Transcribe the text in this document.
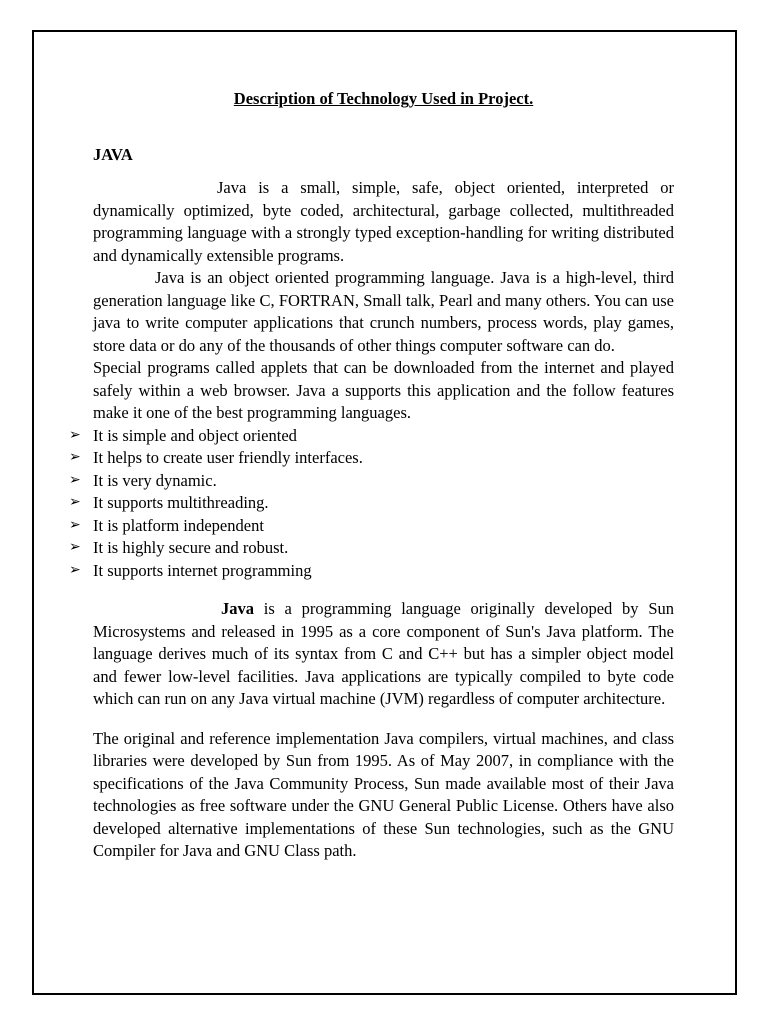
Description of Technology Used in Project.
JAVA

Java is a small, simple, safe, object oriented, interpreted or dynamically optimized, byte coded, architectural, garbage collected, multithreaded programming language with a strongly typed exception-handling for writing distributed and dynamically extensible programs.

Java is an object oriented programming language. Java is a high-level, third generation language like C, FORTRAN, Small talk, Pearl and many others. You can use java to write computer applications that crunch numbers, process words, play games, store data or do any of the thousands of other things computer software can do.

Special programs called applets that can be downloaded from the internet and played safely within a web browser. Java a supports this application and the follow features make it one of the best programming languages.

➢ It is simple and object oriented
➢ It helps to create user friendly interfaces.
➢ It is very dynamic.
➢ It supports multithreading.
➢ It is platform independent
➢ It is highly secure and robust.
➢ It supports internet programming

Java is a programming language originally developed by Sun Microsystems and released in 1995 as a core component of Sun's Java platform. The language derives much of its syntax from C and C++ but has a simpler object model and fewer low-level facilities. Java applications are typically compiled to byte code which can run on any Java virtual machine (JVM) regardless of computer architecture.

The original and reference implementation Java compilers, virtual machines, and class libraries were developed by Sun from 1995. As of May 2007, in compliance with the specifications of the Java Community Process, Sun made available most of their Java technologies as free software under the GNU General Public License. Others have also developed alternative implementations of these Sun technologies, such as the GNU Compiler for Java and GNU Class path.
